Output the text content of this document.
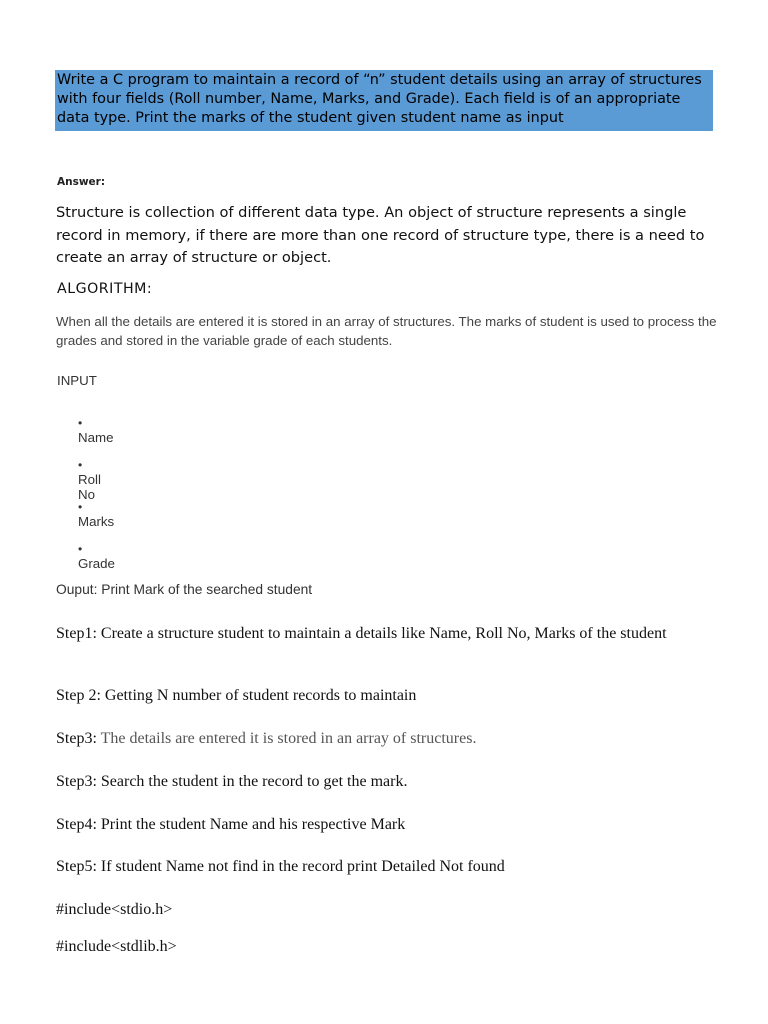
Write a C program to maintain a record of “n” student details using an array of structures with four fields (Roll number, Name, Marks, and Grade). Each field is of an appropriate data type. Print the marks of the student given student name as input
Answer:
Structure is collection of different data type. An object of structure represents a single record in memory, if there are more than one record of structure type, there is a need to create an array of structure or object.
ALGORITHM:
When all the details are entered it is stored in an array of structures. The marks of student is used to process the grades and stored in the variable grade of each students.
INPUT
•Name
•Roll No
•Marks
•Grade
Ouput: Print Mark of the searched student
Step1: Create a structure student to maintain a details like Name, Roll No, Marks of the student
Step 2: Getting N number of student records to maintain
Step3: The details are entered it is stored in an array of structures.
Step3: Search the student in the record to get the mark.
Step4: Print the student Name and his respective Mark
Step5: If student Name not find in the record print Detailed Not found
#include<stdio.h>
#include<stdlib.h>
